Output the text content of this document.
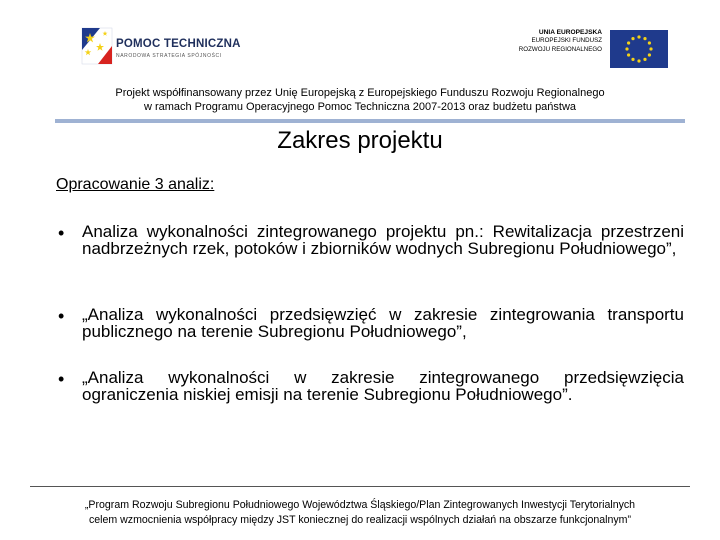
POMOC TECHNICZNA
NARODOWA STRATEGIA SPÓJNOŚCI
UNIA EUROPEJSKA
EUROPEJSKI FUNDUSZ
ROZWOJU REGIONALNEGO
Projekt współfinansowany przez Unię Europejską z Europejskiego Funduszu Rozwoju Regionalnego
w ramach Programu Operacyjnego Pomoc Techniczna 2007-2013 oraz budżetu państwa
Zakres projektu
Opracowanie 3 analiz:
• Analiza wykonalności zintegrowanego projektu pn.: Rewitalizacja przestrzeni nadbrzeżnych rzek, potoków i zbiorników wodnych Subregionu Południowego”,
• „Analiza wykonalności przedsięwzięć w zakresie zintegrowania transportu publicznego na terenie Subregionu Południowego”,
• „Analiza wykonalności w zakresie zintegrowanego przedsięwzięcia ograniczenia niskiej emisji na terenie Subregionu Południowego”.
„Program Rozwoju Subregionu Południowego Województwa Śląskiego/Plan Zintegrowanych Inwestycji Terytorialnych
celem wzmocnienia współpracy między JST koniecznej do realizacji wspólnych działań na obszarze funkcjonalnym”
